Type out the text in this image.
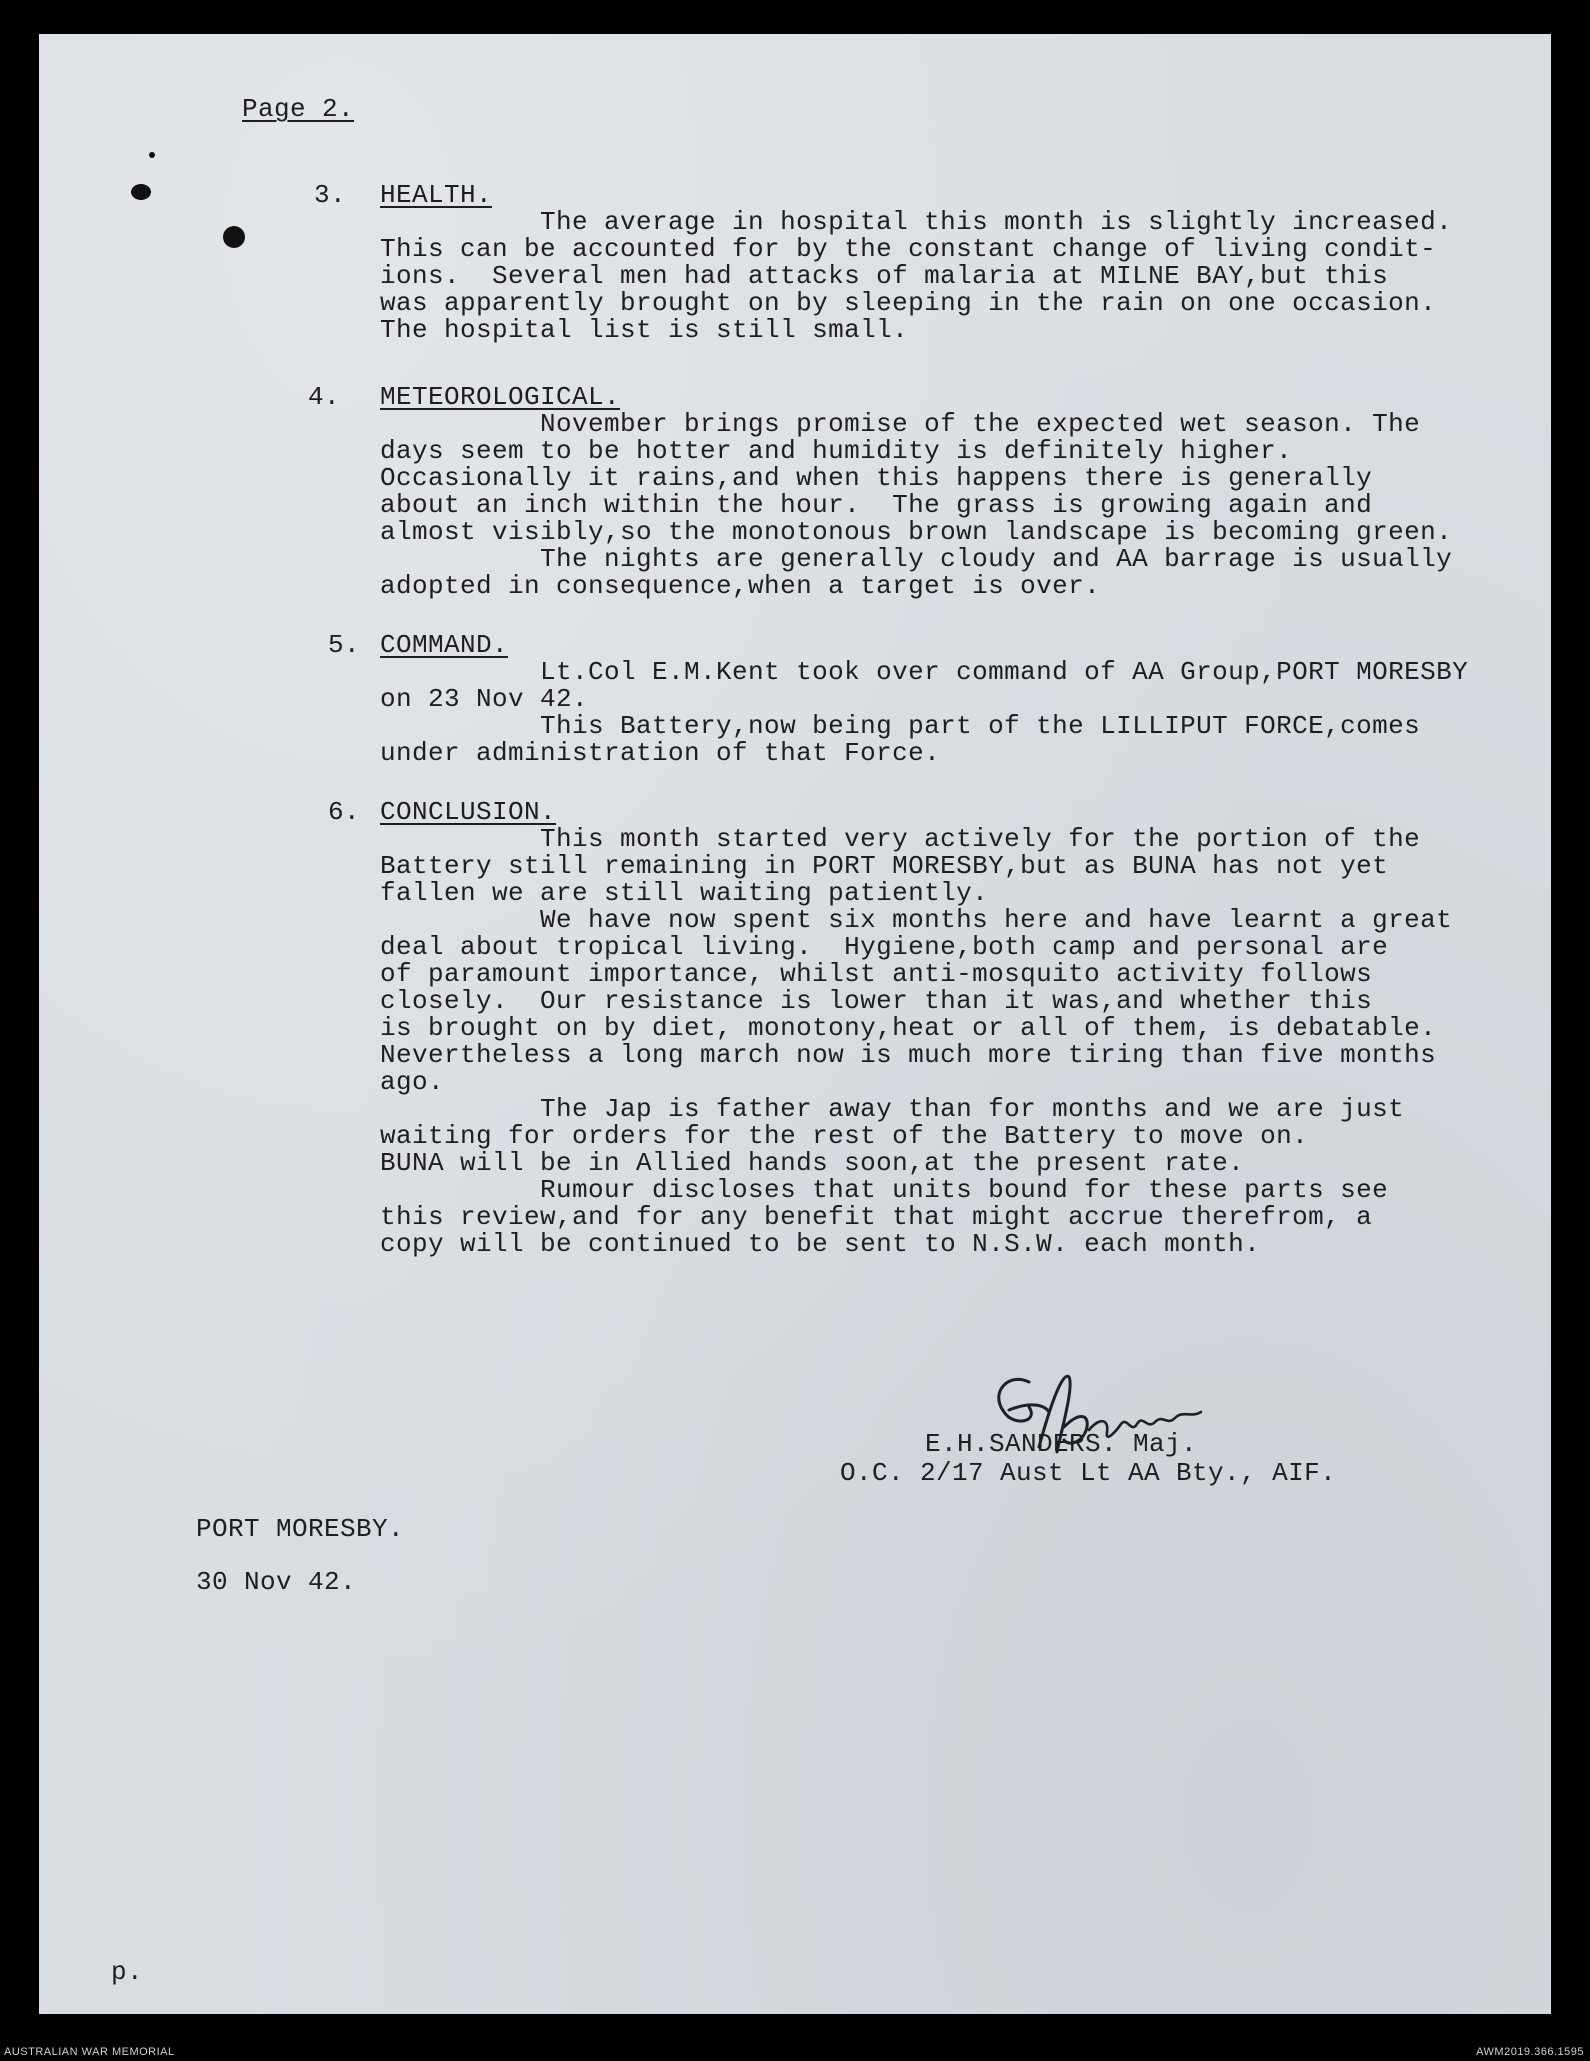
Page 2.
3. HEALTH.
The average in hospital this month is slightly increased.
This can be accounted for by the constant change of living condit-
ions.  Several men had attacks of malaria at MILNE BAY,but this
was apparently brought on by sleeping in the rain on one occasion.
The hospital list is still small.
4. METEOROLOGICAL.
November brings promise of the expected wet season. The
days seem to be hotter and humidity is definitely higher.
Occasionally it rains,and when this happens there is generally
about an inch within the hour.  The grass is growing again and
almost visibly,so the monotonous brown landscape is becoming green.
The nights are generally cloudy and AA barrage is usually
adopted in consequence,when a target is over.
5. COMMAND.
Lt.Col E.M.Kent took over command of AA Group,PORT MORESBY
on 23 Nov 42.
This Battery,now being part of the LILLIPUT FORCE,comes
under administration of that Force.
6. CONCLUSION.
This month started very actively for the portion of the
Battery still remaining in PORT MORESBY,but as BUNA has not yet
fallen we are still waiting patiently.
We have now spent six months here and have learnt a great
deal about tropical living.  Hygiene,both camp and personal are
of paramount importance, whilst anti-mosquito activity follows
closely.  Our resistance is lower than it was,and whether this
is brought on by diet, monotony,heat or all of them, is debatable.
Nevertheless a long march now is much more tiring than five months
ago.
The Jap is father away than for months and we are just
waiting for orders for the rest of the Battery to move on.
BUNA will be in Allied hands soon,at the present rate.
Rumour discloses that units bound for these parts see
this review,and for any benefit that might accrue therefrom, a
copy will be continued to be sent to N.S.W. each month.
E.H.SANDERS. Maj.
O.C. 2/17 Aust Lt AA Bty., AIF.
PORT MORESBY.
30 Nov 42.
p.
AUSTRALIAN WAR MEMORIAL	AWM2019.366.1595
